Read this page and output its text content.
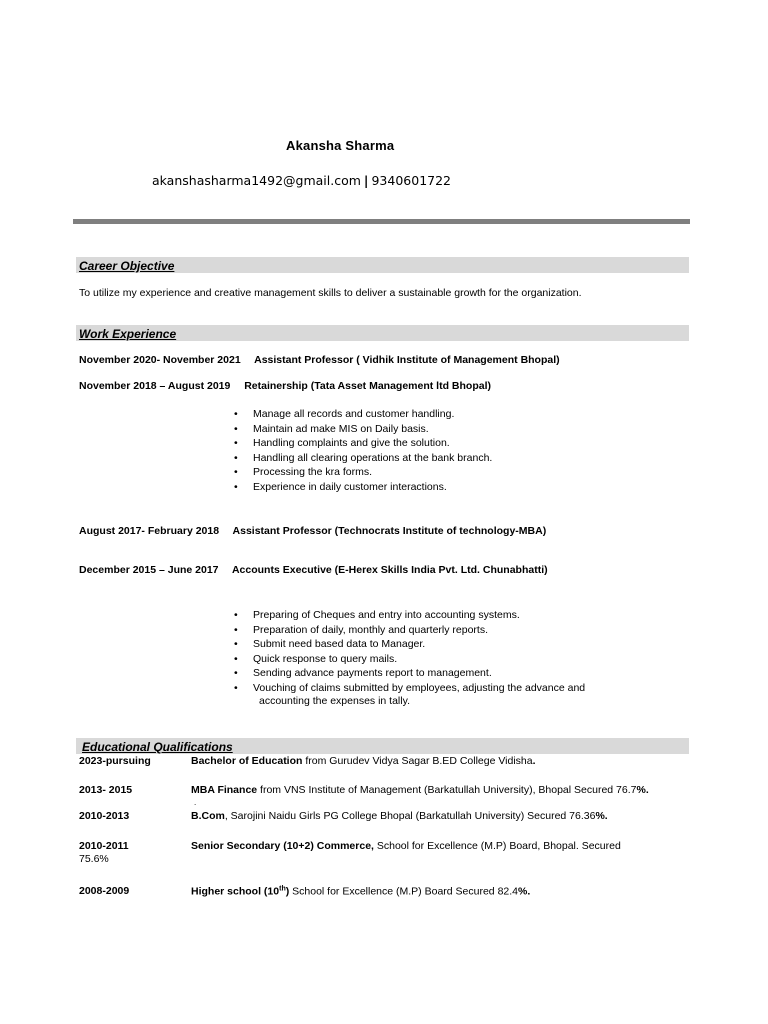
Akansha Sharma
akanshasharma1492@gmail.com | 9340601722
Career Objective
To utilize my experience and creative management skills to deliver a sustainable growth for the organization.
Work Experience
November 2020- November 2021 Assistant Professor ( Vidhik Institute of Management Bhopal)
November 2018 – August 2019 Retainership (Tata Asset Management ltd Bhopal)
• Manage all records and customer handling.
• Maintain ad make MIS on Daily basis.
• Handling complaints and give the solution.
• Handling all clearing operations at the bank branch.
• Processing the kra forms.
• Experience in daily customer interactions.
August 2017- February 2018 Assistant Professor (Technocrats Institute of technology-MBA)
December 2015 – June 2017 Accounts Executive (E-Herex Skills India Pvt. Ltd. Chunabhatti)
• Preparing of Cheques and entry into accounting systems.
• Preparation of daily, monthly and quarterly reports.
• Submit need based data to Manager.
• Quick response to query mails.
• Sending advance payments report to management.
• Vouching of claims submitted by employees, adjusting the advance and
accounting the expenses in tally.
Educational Qualifications
2023-pursuing	Bachelor of Education from Gurudev Vidya Sagar B.ED College Vidisha.
2013- 2015	MBA Finance from VNS Institute of Management (Barkatullah University), Bhopal Secured 76.7%.
.
2010-2013	B.Com, Sarojini Naidu Girls PG College Bhopal (Barkatullah University) Secured 76.36%.
2010-2011	Senior Secondary (10+2) Commerce, School for Excellence (M.P) Board, Bhopal. Secured
75.6%
2008-2009	Higher school (10th) School for Excellence (M.P) Board Secured 82.4%.
